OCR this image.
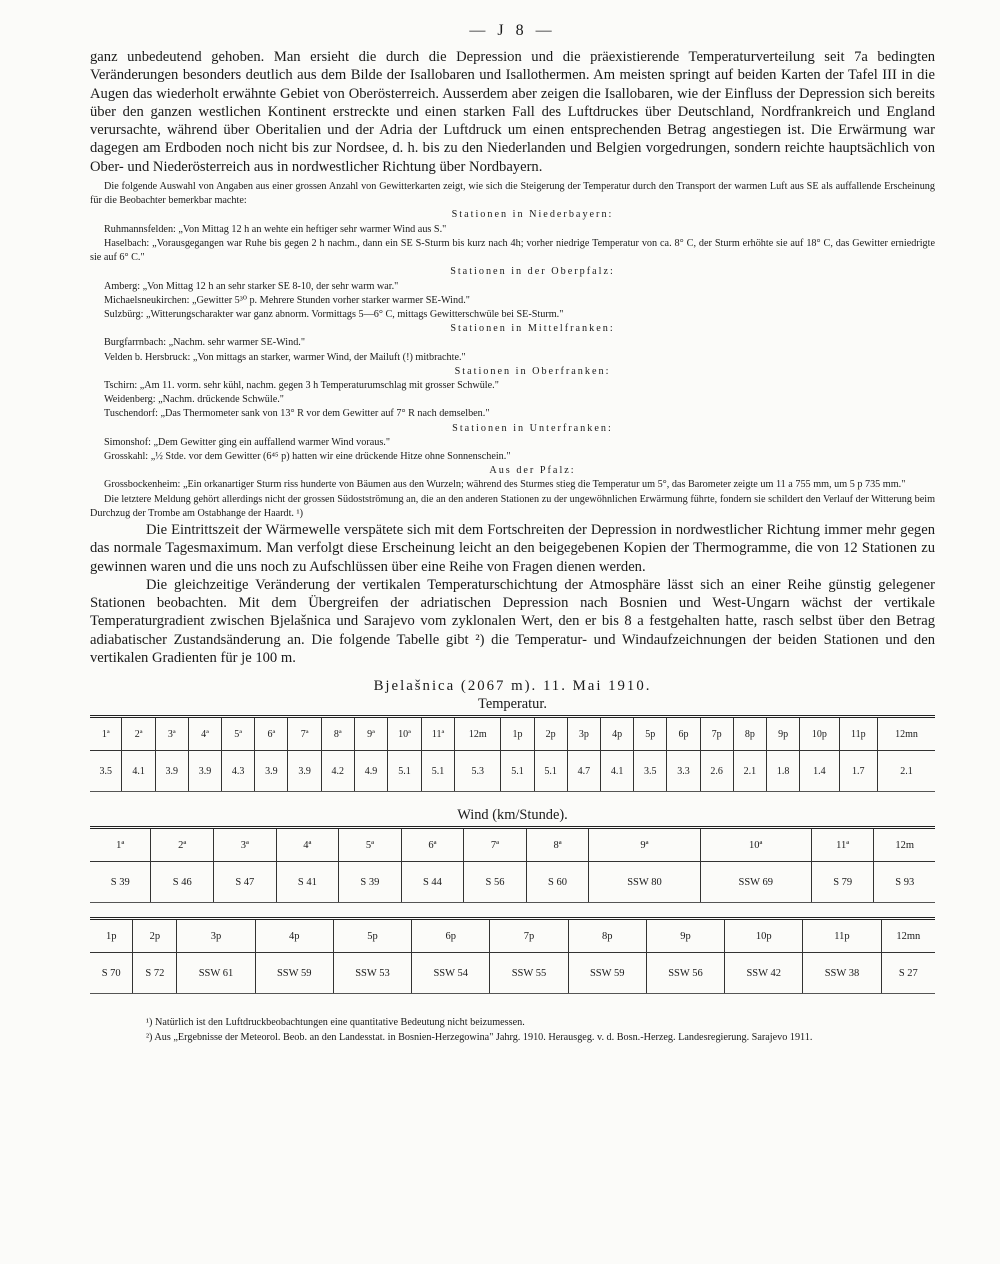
— J 8 —

ganz unbedeutend gehoben. Man ersieht die durch die Depression und die präexistierende Temperaturverteilung seit 7a bedingten Veränderungen besonders deutlich aus dem Bilde der Isallobaren und Isallothermen. Am meisten springt auf beiden Karten der Tafel III in die Augen das wiederholt erwähnte Gebiet von Oberösterreich. Ausserdem aber zeigen die Isallobaren, wie der Einfluss der Depression sich bereits über den ganzen westlichen Kontinent erstreckte und einen starken Fall des Luftdruckes über Deutschland, Nordfrankreich und England verursachte, während über Oberitalien und der Adria der Luftdruck um einen entsprechenden Betrag angestiegen ist. Die Erwärmung war dagegen am Erdboden noch nicht bis zur Nordsee, d. h. bis zu den Niederlanden und Belgien vorgedrungen, sondern reichte hauptsächlich von Ober- und Niederösterreich aus in nordwestlicher Richtung über Nordbayern.

Die folgende Auswahl von Angaben aus einer grossen Anzahl von Gewitterkarten zeigt, wie sich die Steigerung der Temperatur durch den Transport der warmen Luft aus SE als auffallende Erscheinung für die Beobachter bemerkbar machte:

Stationen in Niederbayern:

Ruhmannsfelden: „Von Mittag 12 h an wehte ein heftiger sehr warmer Wind aus S."

Haselbach: „Vorausgegangen war Ruhe bis gegen 2 h nachm., dann ein SE S-Sturm bis kurz nach 4h; vorher niedrige Temperatur von ca. 8° C, der Sturm erhöhte sie auf 18° C, das Gewitter erniedrigte sie auf 6° C."

Stationen in der Oberpfalz:

Amberg: „Von Mittag 12 h an sehr starker SE 8-10, der sehr warm war."

Michaelsneukirchen: „Gewitter 5³⁰ p. Mehrere Stunden vorher starker warmer SE-Wind."

Sulzbürg: „Witterungscharakter war ganz abnorm. Vormittags 5—6° C, mittags Gewitterschwüle bei SE-Sturm."

Stationen in Mittelfranken:

Burgfarrnbach: „Nachm. sehr warmer SE-Wind."

Velden b. Hersbruck: „Von mittags an starker, warmer Wind, der Mailuft (!) mitbrachte."

Stationen in Oberfranken:

Tschirn: „Am 11. vorm. sehr kühl, nachm. gegen 3 h Temperaturumschlag mit grosser Schwüle."

Weidenberg: „Nachm. drückende Schwüle."

Tuschendorf: „Das Thermometer sank von 13° R vor dem Gewitter auf 7° R nach demselben."

Stationen in Unterfranken:

Simonshof: „Dem Gewitter ging ein auffallend warmer Wind voraus."

Grosskahl: „½ Stde. vor dem Gewitter (6⁴⁵ p) hatten wir eine drückende Hitze ohne Sonnenschein."

Aus der Pfalz:

Grossbockenheim: „Ein orkanartiger Sturm riss hunderte von Bäumen aus den Wurzeln; während des Sturmes stieg die Temperatur um 5°, das Barometer zeigte um 11 a 755 mm, um 5 p 735 mm."

Die letztere Meldung gehört allerdings nicht der grossen Südostströmung an, die an den anderen Stationen zu der ungewöhnlichen Erwärmung führte, fondern sie schildert den Verlauf der Witterung beim Durchzug der Trombe am Ostabhange der Haardt. ¹)

Die Eintrittszeit der Wärmewelle verspätete sich mit dem Fortschreiten der Depression in nordwestlicher Richtung immer mehr gegen das normale Tagesmaximum. Man verfolgt diese Erscheinung leicht an den beigegebenen Kopien der Thermogramme, die von 12 Stationen zu gewinnen waren und die uns noch zu Aufschlüssen über eine Reihe von Fragen dienen werden.

Die gleichzeitige Veränderung der vertikalen Temperaturschichtung der Atmosphäre lässt sich an einer Reihe günstig gelegener Stationen beobachten. Mit dem Übergreifen der adriatischen Depression nach Bosnien und West-Ungarn wächst der vertikale Temperaturgradient zwischen Bjelašnica und Sarajevo vom zyklonalen Wert, den er bis 8 a festgehalten hatte, rasch selbst über den Betrag adiabatischer Zustandsänderung an. Die folgende Tabelle gibt ²) die Temperatur- und Windaufzeichnungen der beiden Stationen und den vertikalen Gradienten für je 100 m.

Bjelašnica (2067 m). 11. Mai 1910.
Temperatur.
1ª	2ª	3ª	4ª	5ª	6ª	7ª	8ª	9ª	10ª	11ª	12m	1p	2p	3p	4p	5p	6p	7p	8p	9p	10p	11p	12mn
3.5	4.1	3.9	3.9	4.3	3.9	3.9	4.2	4.9	5.1	5.1	5.3	5.1	5.1	4.7	4.1	3.5	3.3	2.6	2.1	1.8	1.4	1.7	2.1
Wind (km/Stunde).
1ª	2ª	3ª	4ª	5ª	6ª	7ª	8ª	9ª	10ª	11ª	12m
S 39	S 46	S 47	S 41	S 39	S 44	S 56	S 60	SSW 80	SSW 69	S 79	S 93
1p	2p	3p	4p	5p	6p	7p	8p	9p	10p	11p	12mn
S 70	S 72	SSW 61	SSW 59	SSW 53	SSW 54	SSW 55	SSW 59	SSW 56	SSW 42	SSW 38	S 27

¹) Natürlich ist den Luftdruckbeobachtungen eine quantitative Bedeutung nicht beizumessen.

²) Aus „Ergebnisse der Meteorol. Beob. an den Landesstat. in Bosnien-Herzegowina" Jahrg. 1910. Herausgeg. v. d. Bosn.-Herzeg. Landesregierung. Sarajevo 1911.
